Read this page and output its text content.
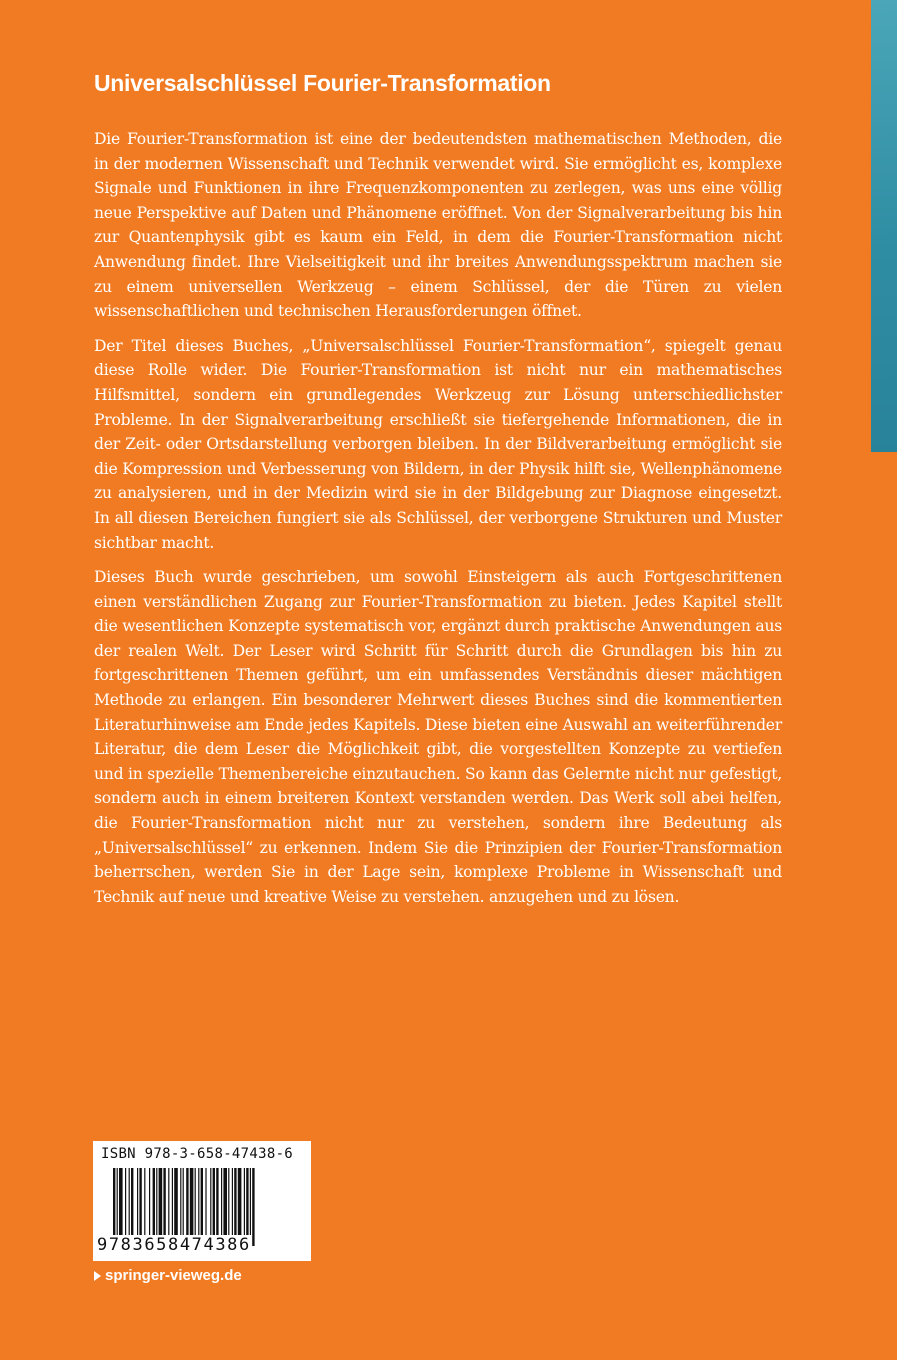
Universalschlüssel Fourier-Transformation

Die Fourier-Transformation ist eine der bedeutendsten mathematischen Methoden, die in der modernen Wissenschaft und Technik verwendet wird. Sie ermöglicht es, komplexe Signale und Funktionen in ihre Frequenzkomponenten zu zerlegen, was uns eine völlig neue Perspektive auf Daten und Phänomene eröffnet. Von der Signalverarbeitung bis hin zur Quantenphysik gibt es kaum ein Feld, in dem die Fourier-Transformation nicht Anwendung findet. Ihre Vielseitigkeit und ihr breites Anwendungsspektrum machen sie zu einem universellen Werkzeug – einem Schlüssel, der die Türen zu vielen wissenschaftlichen und technischen Herausforderungen öffnet.

Der Titel dieses Buches, „Universalschlüssel Fourier-Transformation“, spiegelt genau diese Rolle wider. Die Fourier-Transformation ist nicht nur ein mathematisches Hilfsmittel, sondern ein grundlegendes Werkzeug zur Lösung unterschiedlichster Probleme. In der Signalverarbeitung erschließt sie tiefergehende Informationen, die in der Zeit- oder Ortsdarstellung verborgen bleiben. In der Bildverarbeitung ermöglicht sie die Kompression und Verbesserung von Bildern, in der Physik hilft sie, Wellenphänomene zu analysieren, und in der Medizin wird sie in der Bildgebung zur Diagnose eingesetzt. In all diesen Bereichen fungiert sie als Schlüssel, der verborgene Strukturen und Muster sichtbar macht.

Dieses Buch wurde geschrieben, um sowohl Einsteigern als auch Fortgeschrittenen einen verständlichen Zugang zur Fourier-Transformation zu bieten. Jedes Kapitel stellt die wesentlichen Konzepte systematisch vor, ergänzt durch praktische Anwendungen aus der realen Welt. Der Leser wird Schritt für Schritt durch die Grundlagen bis hin zu fortgeschrittenen Themen geführt, um ein umfassendes Verständnis dieser mächtigen Methode zu erlangen. Ein besonderer Mehrwert dieses Buches sind die kommentierten Literaturhinweise am Ende jedes Kapitels. Diese bieten eine Auswahl an weiterführender Literatur, die dem Leser die Möglichkeit gibt, die vorgestellten Konzepte zu vertiefen und in spezielle Themenbereiche einzutauchen. So kann das Gelernte nicht nur gefestigt, sondern auch in einem breiteren Kontext verstanden werden. Das Werk soll abei helfen, die Fourier-Transformation nicht nur zu verstehen, sondern ihre Bedeutung als „Universalschlüssel“ zu erkennen. Indem Sie die Prinzipien der Fourier-Transformation beherrschen, werden Sie in der Lage sein, komplexe Probleme in Wissenschaft und Technik auf neue und kreative Weise zu verstehen. anzugehen und zu lösen.

ISBN 978-3-658-47438-6
9783658474386
springer-vieweg.de
